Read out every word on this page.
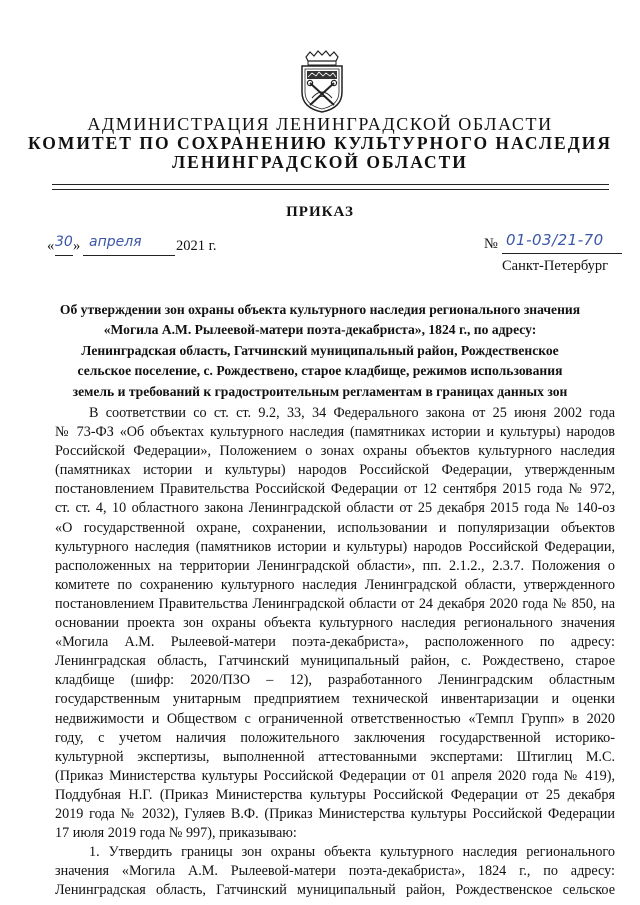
АДМИНИСТРАЦИЯ ЛЕНИНГРАДСКОЙ ОБЛАСТИ
КОМИТЕТ ПО СОХРАНЕНИЮ КУЛЬТУРНОГО НАСЛЕДИЯ
ЛЕНИНГРАДСКОЙ ОБЛАСТИ
ПРИКАЗ
« 30 » апреля 2021 г.	№ 01-03/21-70
Санкт-Петербург
Об утверждении зон охраны объекта культурного наследия регионального значения
«Могила А.М. Рылеевой-матери поэта-декабриста», 1824 г., по адресу:
Ленинградская область, Гатчинский муниципальный район, Рождественское
сельское поселение, с. Рождествено, старое кладбище, режимов использования
земель и требований к градостроительным регламентам в границах данных зон
В соответствии со ст. ст. 9.2, 33, 34 Федерального закона от 25 июня 2002 года
№ 73-ФЗ «Об объектах культурного наследия (памятниках истории и культуры) народов
Российской Федерации», Положением о зонах охраны объектов культурного наследия
(памятниках истории и культуры) народов Российской Федерации, утвержденным
постановлением Правительства Российской Федерации от 12 сентября 2015 года № 972,
ст. ст. 4, 10 областного закона Ленинградской области от 25 декабря 2015 года № 140-оз
«О государственной охране, сохранении, использовании и популяризации объектов
культурного наследия (памятников истории и культуры) народов Российской Федерации,
расположенных на территории Ленинградской области», пп. 2.1.2., 2.3.7. Положения о
комитете по сохранению культурного наследия Ленинградской области, утвержденного
постановлением Правительства Ленинградской области от 24 декабря 2020 года № 850, на
основании проекта зон охраны объекта культурного наследия регионального значения
«Могила А.М. Рылеевой-матери поэта-декабриста», расположенного по адресу:
Ленинградская область, Гатчинский муниципальный район, с. Рождествено, старое
кладбище (шифр: 2020/ПЗО – 12), разработанного Ленинградским областным
государственным унитарным предприятием технической инвентаризации и оценки
недвижимости и Обществом с ограниченной ответственностью «Темпл Групп» в 2020
году, с учетом наличия положительного заключения государственной историко-
культурной экспертизы, выполненной аттестованными экспертами: Штиглиц М.С.
(Приказ Министерства культуры Российской Федерации от 01 апреля 2020 года № 419),
Поддубная Н.Г. (Приказ Министерства культуры Российской Федерации от 25 декабря
2019 года № 2032), Гуляев В.Ф. (Приказ Министерства культуры Российской Федерации
17 июля 2019 года № 997), приказываю:
1. Утвердить границы зон охраны объекта культурного наследия регионального
значения «Могила А.М. Рылеевой-матери поэта-декабриста», 1824 г., по адресу:
Ленинградская область, Гатчинский муниципальный район, Рождественское сельское
